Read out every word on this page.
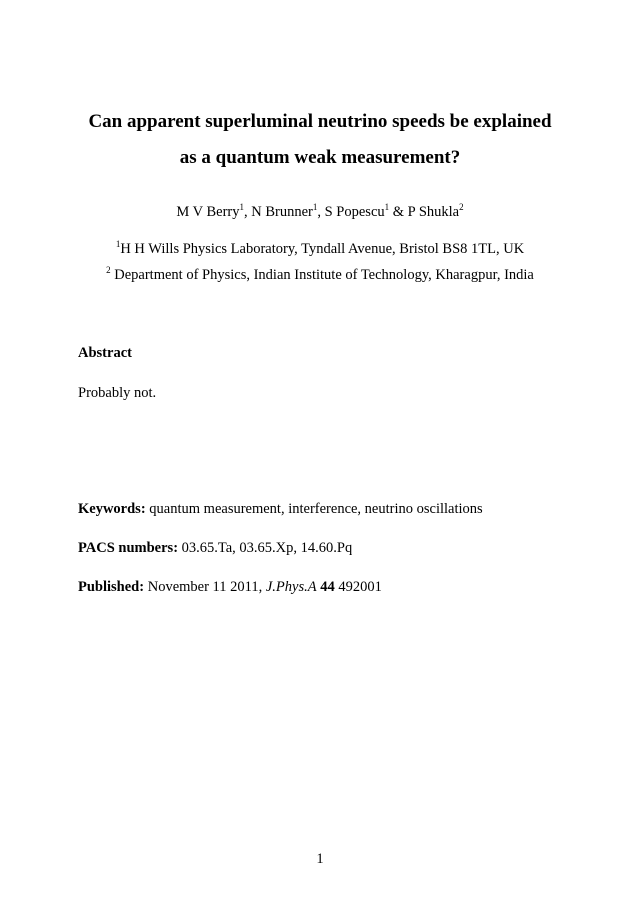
Can apparent superluminal neutrino speeds be explained
as a quantum weak measurement?
M V Berry$^1$, N Brunner$^1$, S Popescu$^1$ & P Shukla$^2$
$^1$H H Wills Physics Laboratory, Tyndall Avenue, Bristol BS8 1TL, UK
$^2$ Department of Physics, Indian Institute of Technology, Kharagpur, India
Abstract
Probably not.
Keywords: quantum measurement, interference, neutrino oscillations
PACS numbers: 03.65.Ta, 03.65.Xp, 14.60.Pq
Published: November 11 2011, J.Phys.A 44 492001
1
